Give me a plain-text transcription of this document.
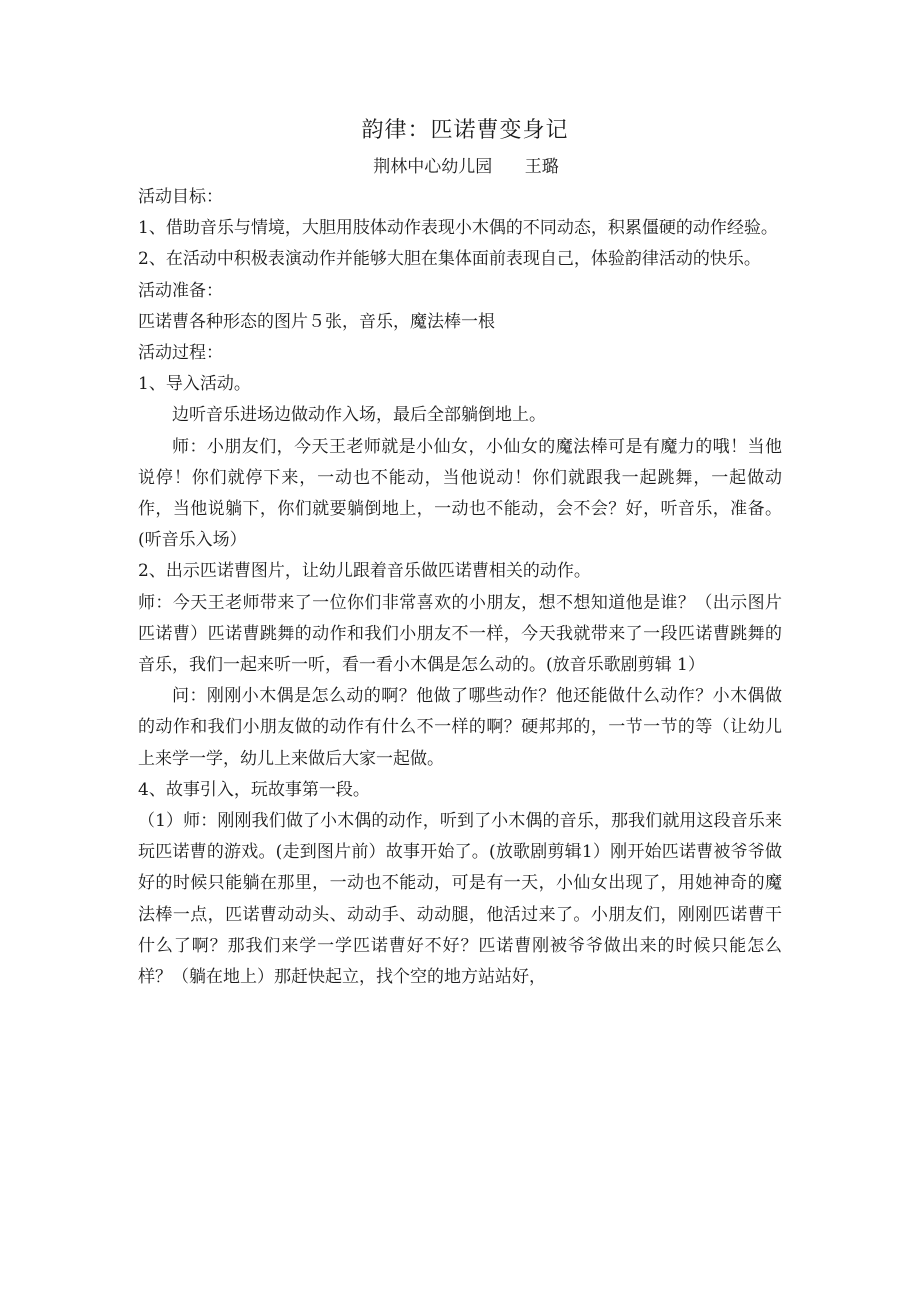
韵律：匹诺曹变身记
荆林中心幼儿园      王璐

活动目标：

1、借助音乐与情境，大胆用肢体动作表现小木偶的不同动态，积累僵硬的动作经验。

2、在活动中积极表演动作并能够大胆在集体面前表现自己，体验韵律活动的快乐。

活动准备：

匹诺曹各种形态的图片５张，音乐，魔法棒一根

活动过程：

1、导入活动。

边听音乐进场边做动作入场，最后全部躺倒地上。

师：小朋友们，今天王老师就是小仙女，小仙女的魔法棒可是有魔力的哦！当他说停！你们就停下来，一动也不能动，当他说动！你们就跟我一起跳舞，一起做动作，当他说躺下，你们就要躺倒地上，一动也不能动，会不会？好，听音乐，准备。(听音乐入场）

2、出示匹诺曹图片，让幼儿跟着音乐做匹诺曹相关的动作。

师：今天王老师带来了一位你们非常喜欢的小朋友，想不想知道他是谁？（出示图片匹诺曹）匹诺曹跳舞的动作和我们小朋友不一样，今天我就带来了一段匹诺曹跳舞的音乐，我们一起来听一听，看一看小木偶是怎么动的。(放音乐歌剧剪辑 1）

问：刚刚小木偶是怎么动的啊？他做了哪些动作？他还能做什么动作？小木偶做的动作和我们小朋友做的动作有什么不一样的啊？硬邦邦的，一节一节的等（让幼儿上来学一学，幼儿上来做后大家一起做。

4、故事引入，玩故事第一段。

（1）师：刚刚我们做了小木偶的动作，听到了小木偶的音乐，那我们就用这段音乐来玩匹诺曹的游戏。(走到图片前）故事开始了。(放歌剧剪辑1）刚开始匹诺曹被爷爷做好的时候只能躺在那里，一动也不能动，可是有一天，小仙女出现了，用她神奇的魔法棒一点，匹诺曹动动头、动动手、动动腿，他活过来了。小朋友们，刚刚匹诺曹干什么了啊？那我们来学一学匹诺曹好不好？匹诺曹刚被爷爷做出来的时候只能怎么样？（躺在地上）那赶快起立，找个空的地方站站好，
